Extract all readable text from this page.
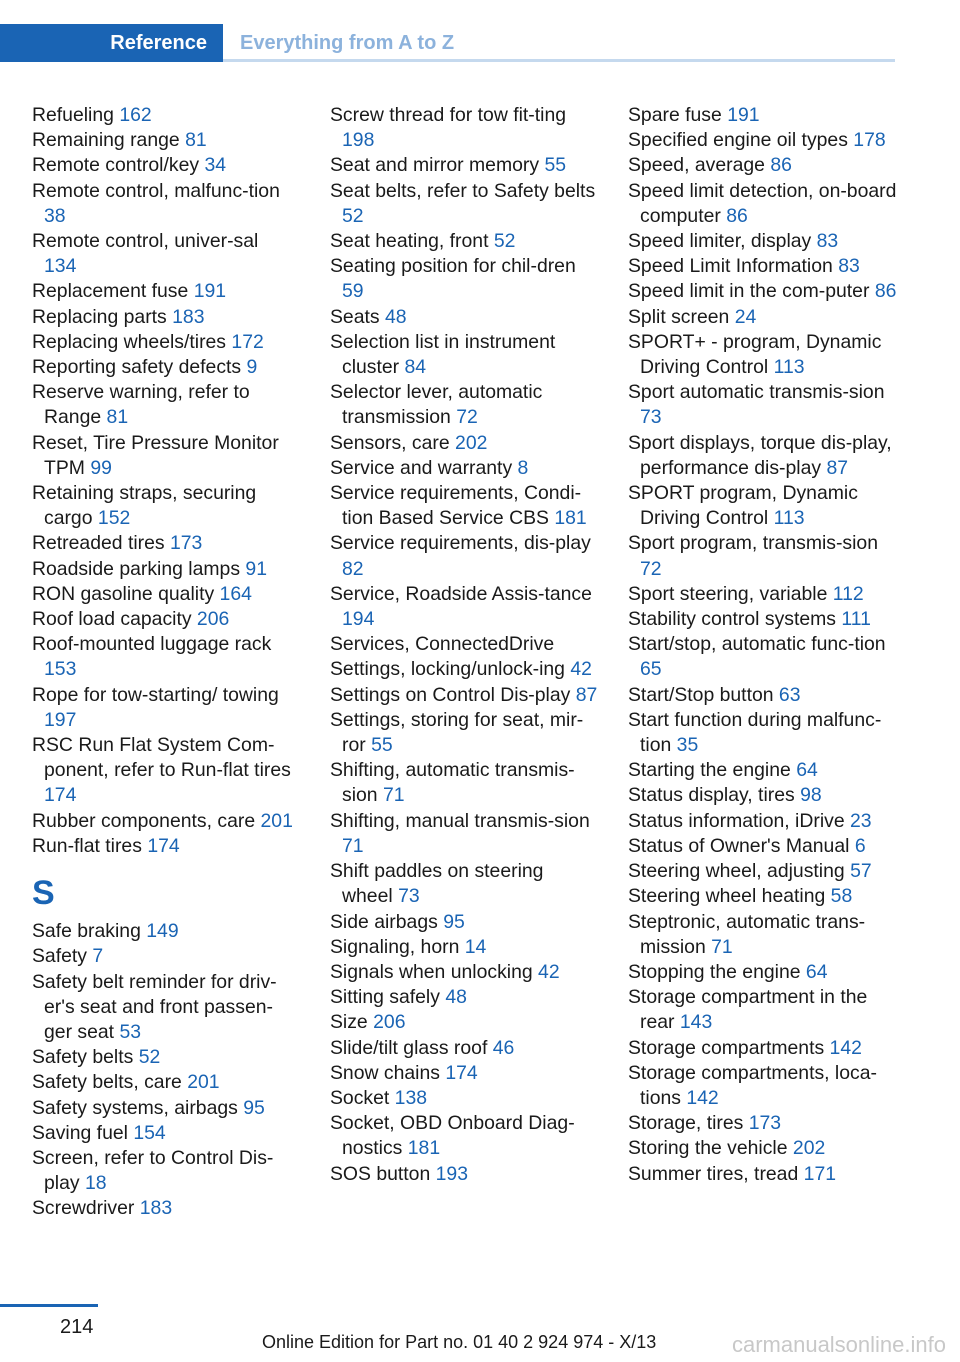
Reference	Everything from A to Z
Refueling 162
Remaining range 81
Remote control/key 34
Remote control, malfunc-tion 38
Remote control, univer-sal 134
Replacement fuse 191
Replacing parts 183
Replacing wheels/tires 172
Reporting safety defects 9
Reserve warning, refer to Range 81
Reset, Tire Pressure Monitor TPM 99
Retaining straps, securing cargo 152
Retreaded tires 173
Roadside parking lamps 91
RON gasoline quality 164
Roof load capacity 206
Roof-mounted luggage rack 153
Rope for tow-starting/ towing 197
RSC Run Flat System Com-ponent, refer to Run-flat tires 174
Rubber components, care 201
Run-flat tires 174
S
Safe braking 149
Safety 7
Safety belt reminder for driv-er's seat and front passen-ger seat 53
Safety belts 52
Safety belts, care 201
Safety systems, airbags 95
Saving fuel 154
Screen, refer to Control Dis-play 18
Screwdriver 183
Screw thread for tow fit-ting 198
Seat and mirror memory 55
Seat belts, refer to Safety belts 52
Seat heating, front 52
Seating position for chil-dren 59
Seats 48
Selection list in instrument cluster 84
Selector lever, automatic transmission 72
Sensors, care 202
Service and warranty 8
Service requirements, Condi-tion Based Service CBS 181
Service requirements, dis-play 82
Service, Roadside Assis-tance 194
Services, ConnectedDrive
Settings, locking/unlock-ing 42
Settings on Control Dis-play 87
Settings, storing for seat, mir-ror 55
Shifting, automatic transmis-sion 71
Shifting, manual transmis-sion 71
Shift paddles on steering wheel 73
Side airbags 95
Signaling, horn 14
Signals when unlocking 42
Sitting safely 48
Size 206
Slide/tilt glass roof 46
Snow chains 174
Socket 138
Socket, OBD Onboard Diag-nostics 181
SOS button 193
Spare fuse 191
Specified engine oil types 178
Speed, average 86
Speed limit detection, on-board computer 86
Speed limiter, display 83
Speed Limit Information 83
Speed limit in the com-puter 86
Split screen 24
SPORT+ - program, Dynamic Driving Control 113
Sport automatic transmis-sion 73
Sport displays, torque dis-play, performance dis-play 87
SPORT program, Dynamic Driving Control 113
Sport program, transmis-sion 72
Sport steering, variable 112
Stability control systems 111
Start/stop, automatic func-tion 65
Start/Stop button 63
Start function during malfunc-tion 35
Starting the engine 64
Status display, tires 98
Status information, iDrive 23
Status of Owner's Manual 6
Steering wheel, adjusting 57
Steering wheel heating 58
Steptronic, automatic trans-mission 71
Stopping the engine 64
Storage compartment in the rear 143
Storage compartments 142
Storage compartments, loca-tions 142
Storage, tires 173
Storing the vehicle 202
Summer tires, tread 171
214
Online Edition for Part no. 01 40 2 924 974 - X/13	carmanualsonline.info
